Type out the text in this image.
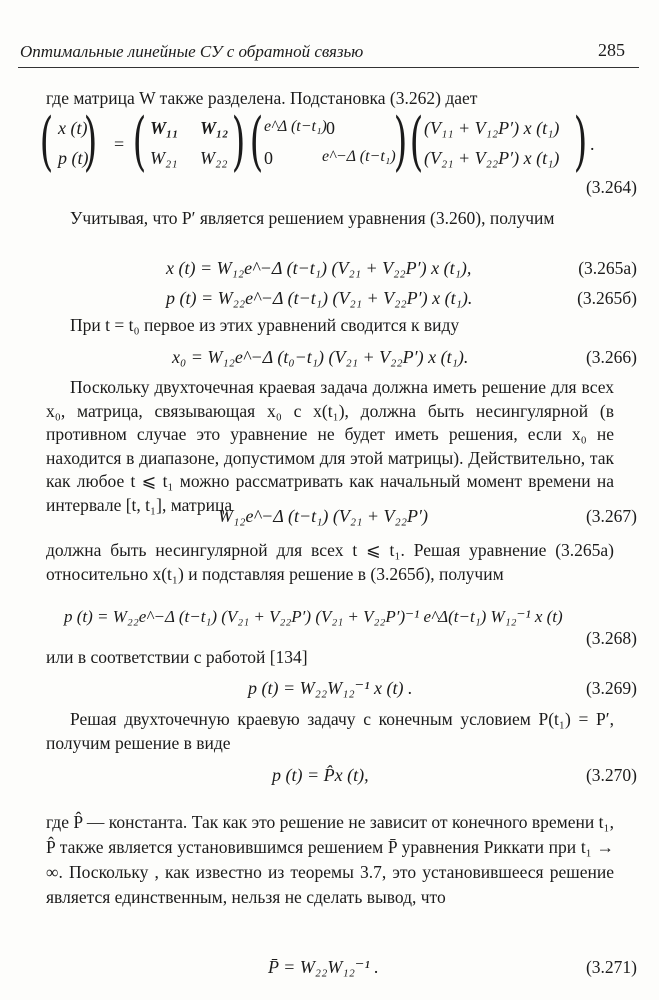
Оптимальные линейные СУ с обратной связью	285
где матрица W также разделена. Подстановка (3.262) дает
( x (t)
p (t)
) = ( W₁₁ W₁₂
W₂₁ W₂₂ ) ( e^Δ (t−t₁) 0
0	e^−Δ (t−t₁)
) ( (V₁₁ + V₁₂P′) x (t₁)
(V₂₁ + V₂₂P′) x (t₁) ) .
(3.264)
Учитывая, что P′ является решением уравнения (3.260), получим
x (t) = W₁₂e^−Δ (t−t₁) (V₂₁ + V₂₂P′) x (t₁),	(3.265a)
p (t) = W₂₂e^−Δ (t−t₁) (V₂₁ + V₂₂P′) x (t₁).	(3.265б)
При t = t₀ первое из этих уравнений сводится к виду
x₀ = W₁₂e^−Δ (t₀−t₁) (V₂₁ + V₂₂P′) x (t₁).	(3.266)
Поскольку двухточечная краевая задача должна иметь решение для всех x₀, матрица, связывающая x₀ с x(t₁), должна быть несингулярной (в противном случае это уравнение не будет иметь решения, если x₀ не находится в диапазоне, допустимом для этой матрицы). Действительно, так как любое t ⩽ t₁ можно рассматривать как начальный момент времени на интервале [t, t₁], матрица
W₁₂e^−Δ (t−t₁) (V₂₁ + V₂₂P′)	(3.267)
должна быть несингулярной для всех t ⩽ t₁. Решая уравнение (3.265а) относительно x(t₁) и подставляя решение в (3.265б), получим
p (t) = W₂₂e^−Δ (t−t₁) (V₂₁ + V₂₂P′) (V₂₁ + V₂₂P′)⁻¹ e^Δ(t−t₁) W₁₂⁻¹ x (t)
(3.268)
или в соответствии с работой [134]
p (t) = W₂₂W₁₂⁻¹ x (t) .	(3.269)
Решая двухточечную краевую задачу с конечным условием P(t₁) = P′, получим решение в виде
p (t) = P̂x (t),	(3.270)
где P̂ — константа. Так как это решение не зависит от конечного времени t₁, P̂ также является установившимся решением P̄ уравнения Риккати при t₁ → ∞. Поскольку , как известно из теоремы 3.7, это установившееся решение является единственным, нельзя не сделать вывод, что
P̄ = W₂₂W₁₂⁻¹ .	(3.271)
